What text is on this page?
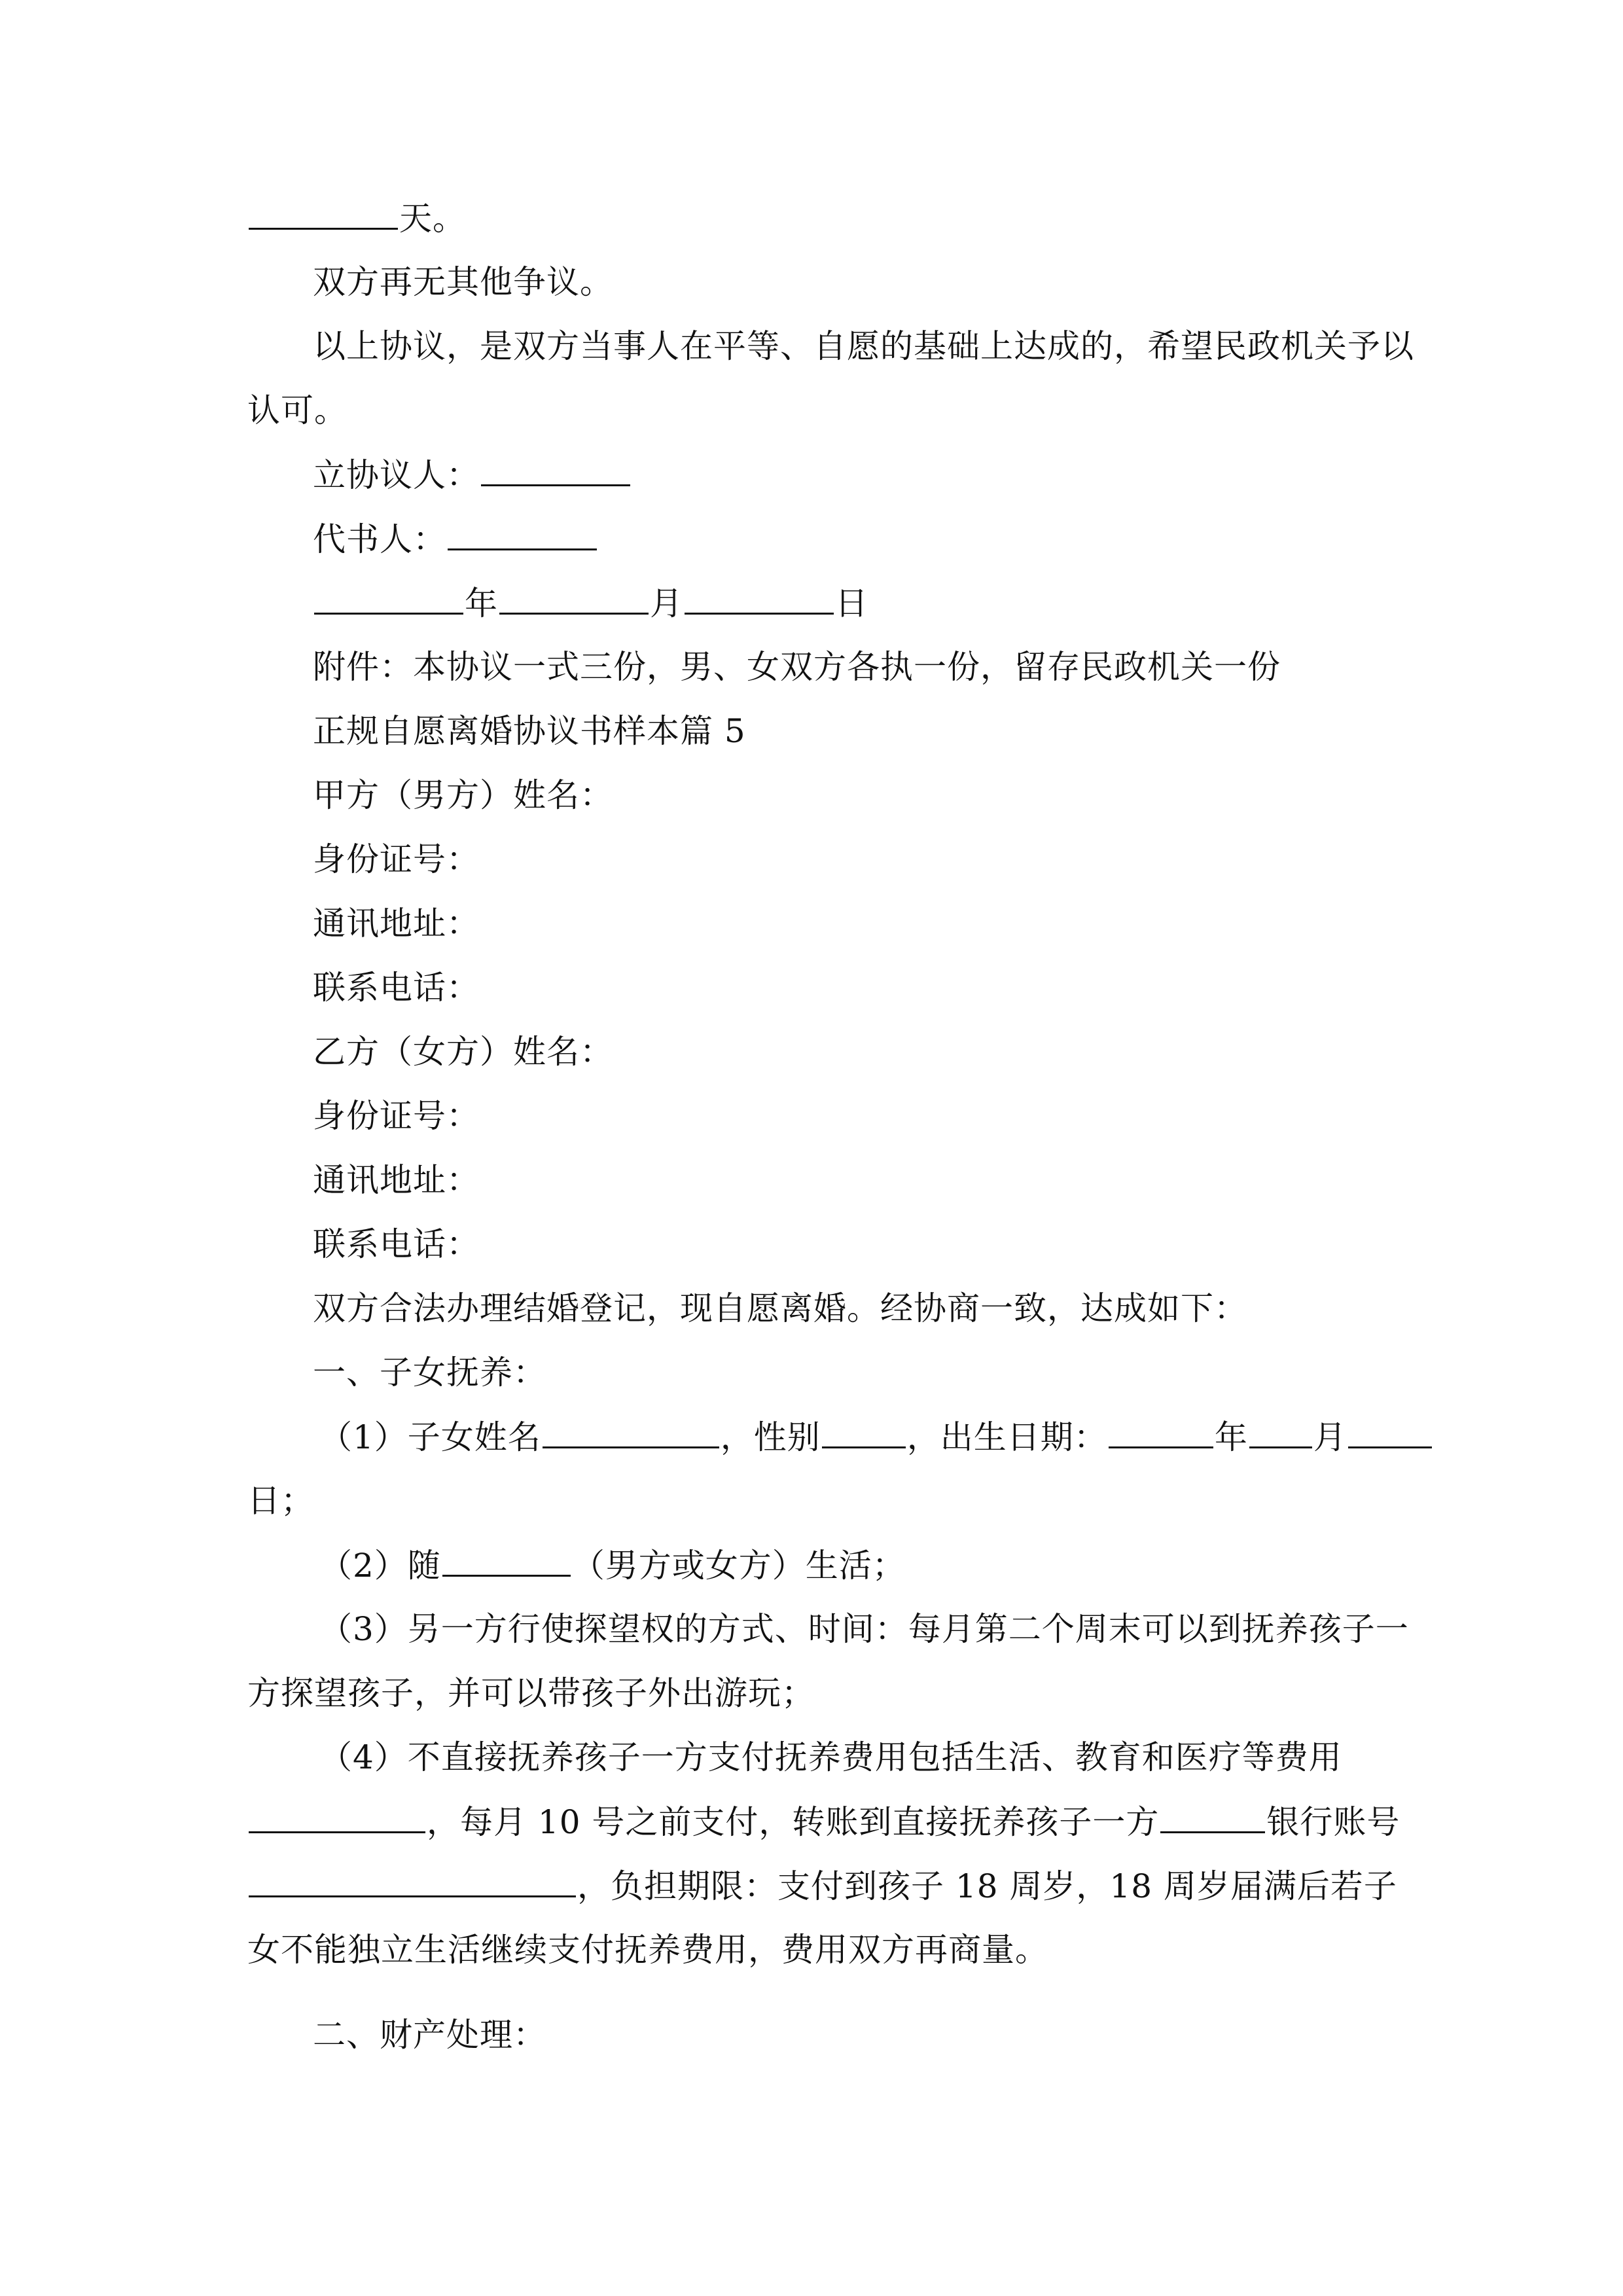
天。
双方再无其他争议。
以上协议，是双方当事人在平等、自愿的基础上达成的，希望民政机关予以
认可。
立协议人：
代书人：
年	月	日
附件：本协议一式三份，男、女双方各执一份，留存民政机关一份
正规自愿离婚协议书样本篇 5
甲方（男方）姓名：
身份证号：
通讯地址：
联系电话：
乙方（女方）姓名：
身份证号：
通讯地址：
联系电话：
双方合法办理结婚登记，现自愿离婚。经协商一致，达成如下：
一、子女抚养：
（1）子女姓名	，性别	，出生日期：	年 月
日；
（2）随	（男方或女方）生活；
（3）另一方行使探望权的方式、时间：每月第二个周末可以到抚养孩子一
方探望孩子，并可以带孩子外出游玩；
（4）不直接抚养孩子一方支付抚养费用包括生活、教育和医疗等费用
，每月 10 号之前支付，转账到直接抚养孩子一方	银行账号
，负担期限：支付到孩子 18 周岁，18 周岁届满后若子
女不能独立生活继续支付抚养费用，费用双方再商量。
二、财产处理：
